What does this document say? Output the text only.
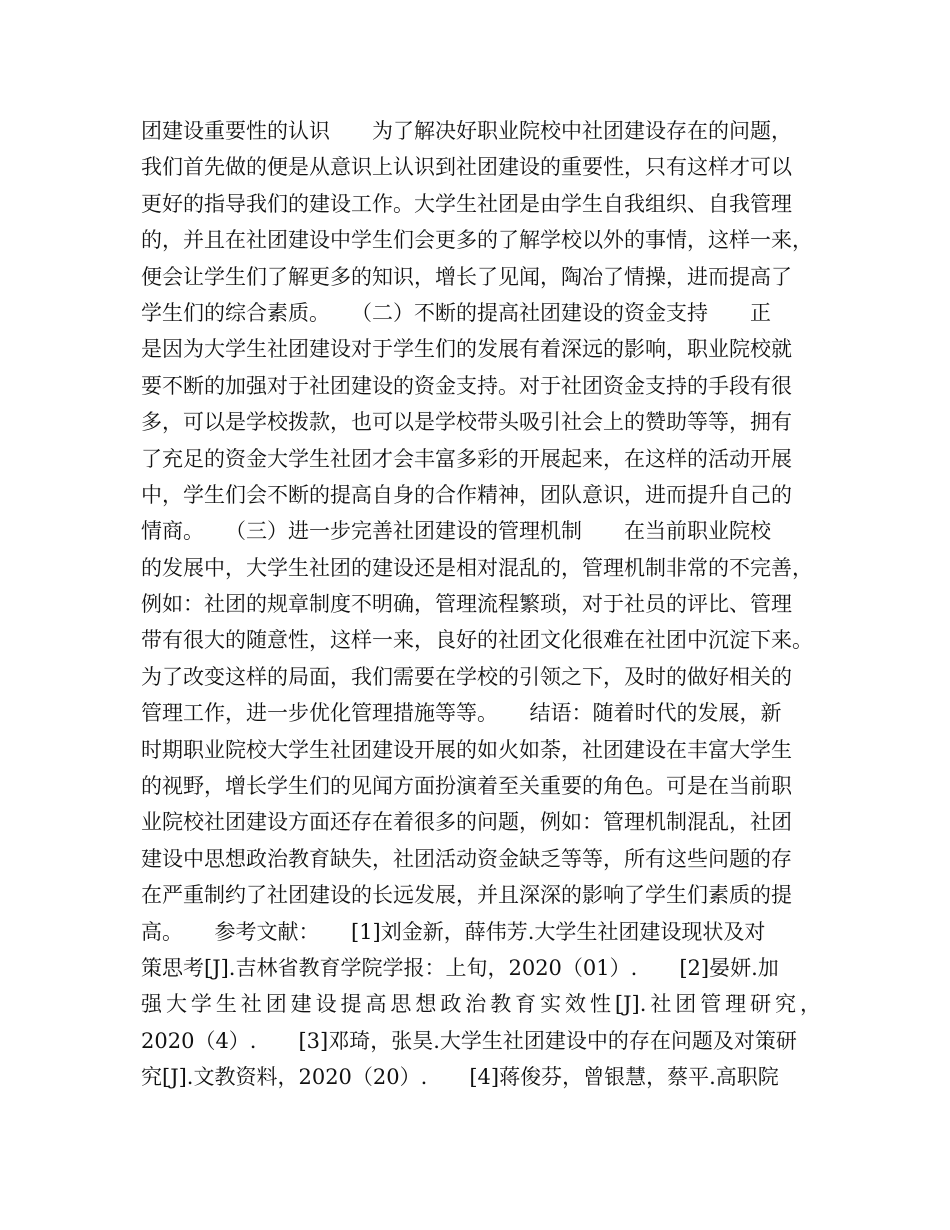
团建设重要性的认识　　为了解决好职业院校中社团建设存在的问题，
我们首先做的便是从意识上认识到社团建设的重要性，只有这样才可以
更好的指导我们的建设工作。大学生社团是由学生自我组织、自我管理
的，并且在社团建设中学生们会更多的了解学校以外的事情，这样一来，
便会让学生们了解更多的知识，增长了见闻，陶冶了情操，进而提高了
学生们的综合素质。　　（二）不断的提高社团建设的资金支持　　正
是因为大学生社团建设对于学生们的发展有着深远的影响，职业院校就
要不断的加强对于社团建设的资金支持。对于社团资金支持的手段有很
多，可以是学校拨款，也可以是学校带头吸引社会上的赞助等等，拥有
了充足的资金大学生社团才会丰富多彩的开展起来，在这样的活动开展
中，学生们会不断的提高自身的合作精神，团队意识，进而提升自己的
情商。　　（三）进一步完善社团建设的管理机制　　在当前职业院校
的发展中，大学生社团的建设还是相对混乱的，管理机制非常的不完善，
例如：社团的规章制度不明确，管理流程繁琐，对于社员的评比、管理
带有很大的随意性，这样一来，良好的社团文化很难在社团中沉淀下来。
为了改变这样的局面，我们需要在学校的引领之下，及时的做好相关的
管理工作，进一步优化管理措施等等。　　结语：随着时代的发展，新
时期职业院校大学生社团建设开展的如火如荼，社团建设在丰富大学生
的视野，增长学生们的见闻方面扮演着至关重要的角色。可是在当前职
业院校社团建设方面还存在着很多的问题，例如：管理机制混乱，社团
建设中思想政治教育缺失，社团活动资金缺乏等等，所有这些问题的存
在严重制约了社团建设的长远发展，并且深深的影响了学生们素质的提
高。　　参考文献：　　[1]刘金新，薛伟芳.大学生社团建设现状及对
策思考[J].吉林省教育学院学报：上旬，2020（01）.　　[2]晏妍.加
强大学生社团建设提高思想政治教育实效性[J].社团管理研究，
2020（4）.　　[3]邓琦，张昊.大学生社团建设中的存在问题及对策研
究[J].文教资料，2020（20）.　　[4]蒋俊芬，曾银慧，蔡平.高职院
